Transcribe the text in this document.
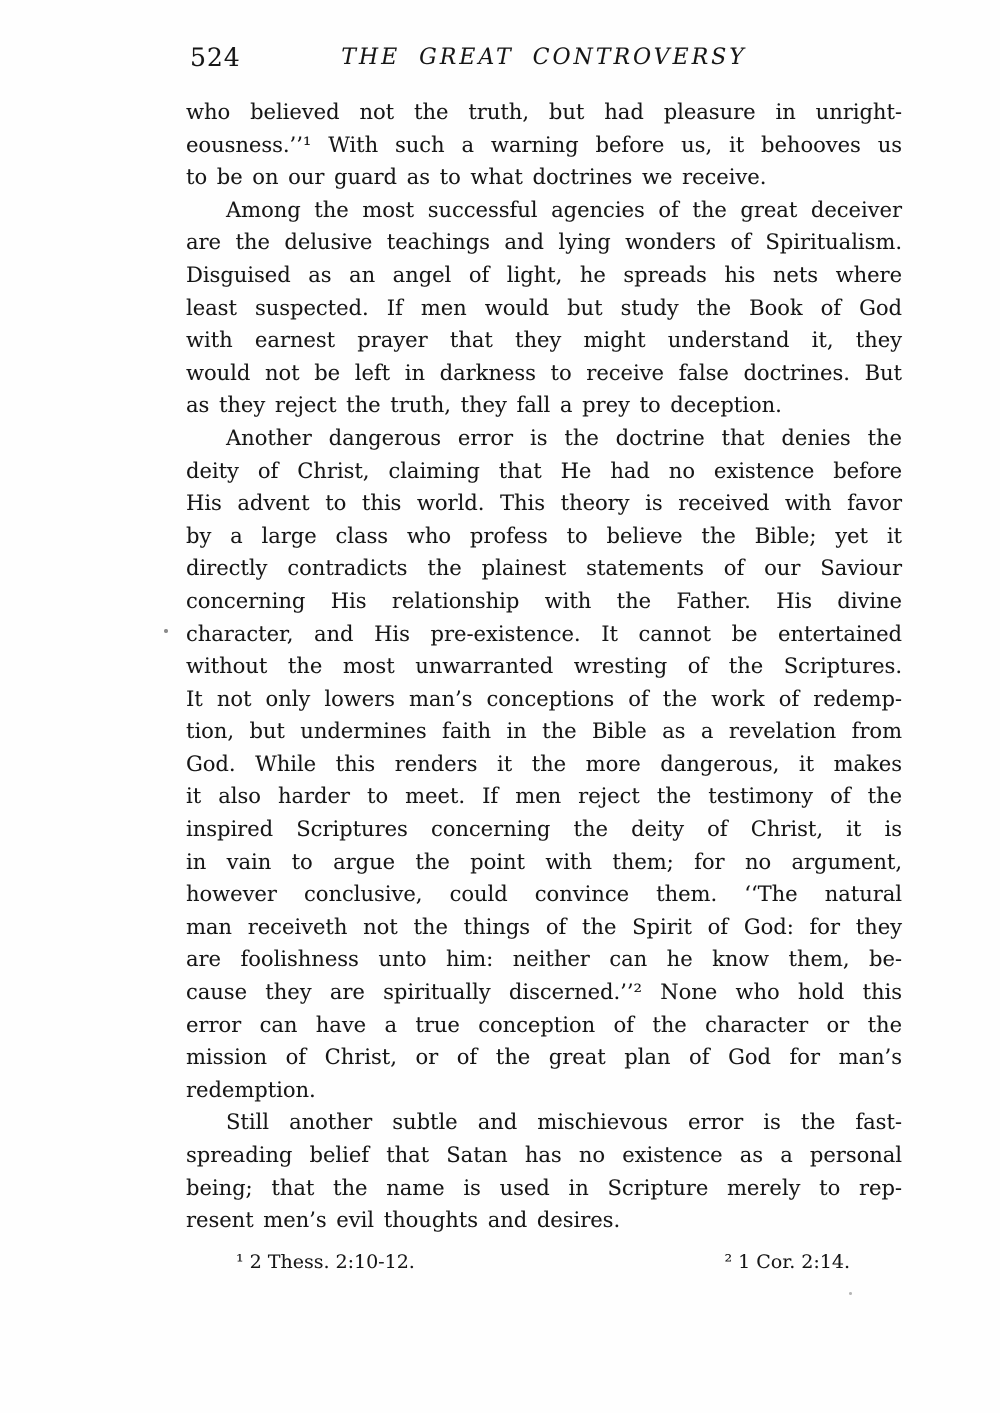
524	THE GREAT CONTROVERSY
who believed not the truth, but had pleasure in unright-
eousness.’’¹ With such a warning before us, it behooves us
to be on our guard as to what doctrines we receive.
Among the most successful agencies of the great deceiver
are the delusive teachings and lying wonders of Spiritualism.
Disguised as an angel of light, he spreads his nets where
least suspected. If men would but study the Book of God
with earnest prayer that they might understand it, they
would not be left in darkness to receive false doctrines. But
as they reject the truth, they fall a prey to deception.
Another dangerous error is the doctrine that denies the
deity of Christ, claiming that He had no existence before
His advent to this world. This theory is received with favor
by a large class who profess to believe the Bible; yet it
directly contradicts the plainest statements of our Saviour
concerning His relationship with the Father. His divine
character, and His pre-existence. It cannot be entertained
without the most unwarranted wresting of the Scriptures.
It not only lowers man’s conceptions of the work of redemp-
tion, but undermines faith in the Bible as a revelation from
God. While this renders it the more dangerous, it makes
it also harder to meet. If men reject the testimony of the
inspired Scriptures concerning the deity of Christ, it is
in vain to argue the point with them; for no argument,
however conclusive, could convince them. ‘‘The natural
man receiveth not the things of the Spirit of God: for they
are foolishness unto him: neither can he know them, be-
cause they are spiritually discerned.’’² None who hold this
error can have a true conception of the character or the
mission of Christ, or of the great plan of God for man’s
redemption.
Still another subtle and mischievous error is the fast-
spreading belief that Satan has no existence as a personal
being; that the name is used in Scripture merely to rep-
resent men’s evil thoughts and desires.
¹ 2 Thess. 2:10-12.	² 1 Cor. 2:14.
